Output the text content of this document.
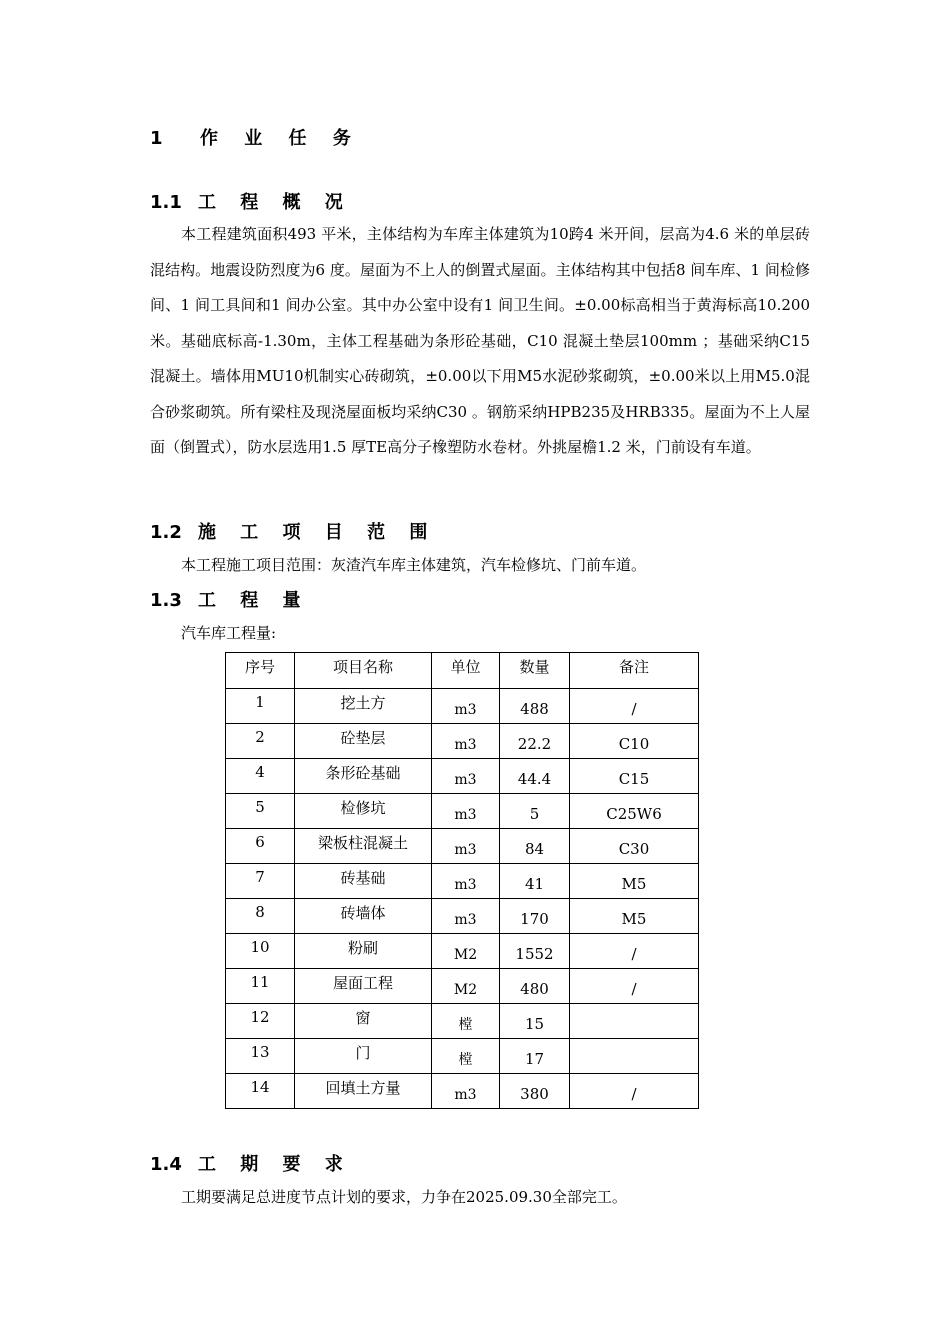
1 作 业 任 务
1.1 工 程 概 况

本工程建筑面积493 平米，主体结构为车库主体建筑为10跨4 米开间，层高为4.6 米的单层砖混结构。地震设防烈度为6 度。屋面为不上人的倒置式屋面。主体结构其中包括8 间车库、1 间检修间、1 间工具间和1 间办公室。其中办公室中设有1 间卫生间。±0.00标高相当于黄海标高10.200米。基础底标高-1.30m，主体工程基础为条形砼基础，C10 混凝土垫层100mm ；基础采纳C15 混凝土。墙体用MU10机制实心砖砌筑，±0.00以下用M5水泥砂浆砌筑，±0.00米以上用M5.0混合砂浆砌筑。所有梁柱及现浇屋面板均采纳C30 。钢筋采纳HPB235及HRB335。屋面为不上人屋面（倒置式），防水层选用1.5 厚TE高分子橡塑防水卷材。外挑屋檐1.2 米，门前设有车道。

1.2 施 工 项 目 范 围
本工程施工项目范围：灰渣汽车库主体建筑，汽车检修坑、门前车道。
1.3 工 程 量
汽车库工程量:
序号	项目名称	单位	数量	备注
1	挖土方	m3	488	/
2	砼垫层	m3	22.2	C10
4	条形砼基础	m3	44.4	C15
5	检修坑	m3	5	C25W6
6	梁板柱混凝土	m3	84	C30
7	砖基础	m3	41	M5
8	砖墙体	m3	170	M5
10	粉刷	M2	1552	/
11	屋面工程	M2	480	/
12	窗	樘	15	
13	门	樘	17	
14	回填土方量	m3	380	/
1.4 工 期 要 求
工期要满足总进度节点计划的要求，力争在2025.09.30全部完工。
